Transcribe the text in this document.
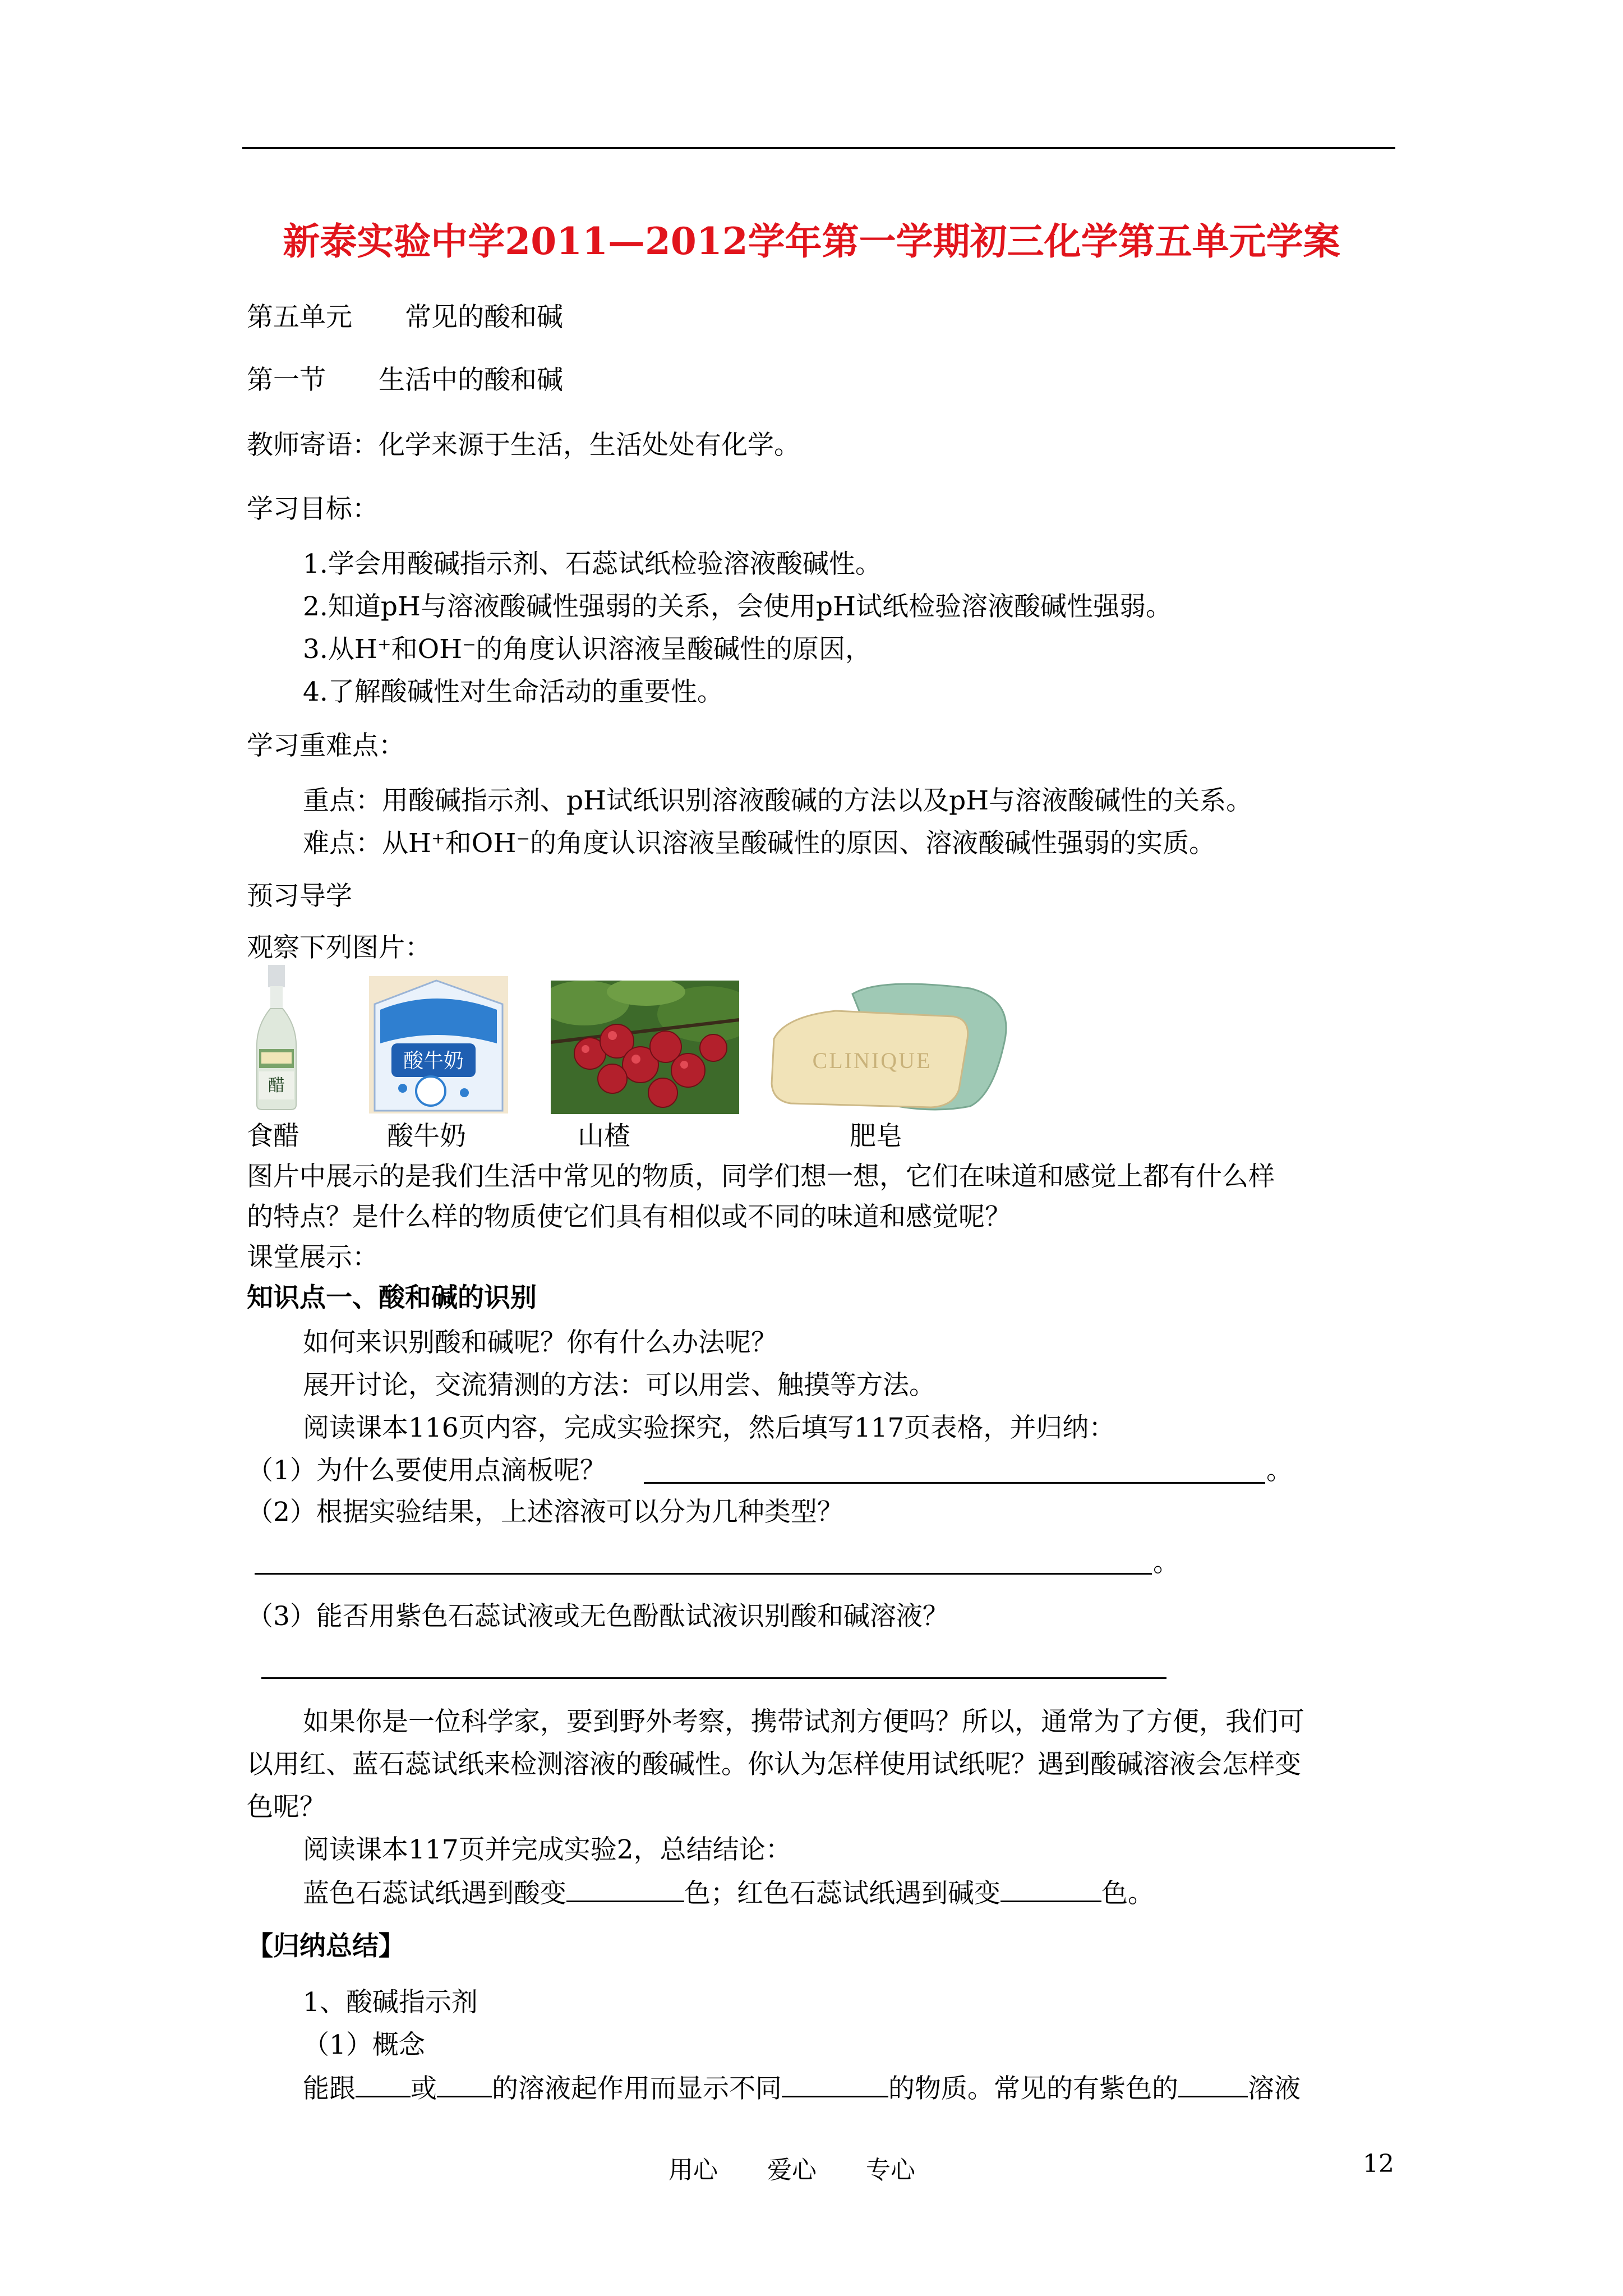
新泰实验中学2011—2012学年第一学期初三化学第五单元学案
第五单元　　常见的酸和碱
第一节　　生活中的酸和碱
教师寄语：化学来源于生活，生活处处有化学。
学习目标：
1.学会用酸碱指示剂、石蕊试纸检验溶液酸碱性。
2.知道pH与溶液酸碱性强弱的关系，会使用pH试纸检验溶液酸碱性强弱。
3.从H⁺和OH⁻的角度认识溶液呈酸碱性的原因，
4.了解酸碱性对生命活动的重要性。
学习重难点：
重点：用酸碱指示剂、pH试纸识别溶液酸碱的方法以及pH与溶液酸碱性的关系。
难点：从H⁺和OH⁻的角度认识溶液呈酸碱性的原因、溶液酸碱性强弱的实质。
预习导学
观察下列图片：
醋
酸牛奶	CLINIQUE
食醋	酸牛奶	山楂	肥皂
图片中展示的是我们生活中常见的物质，同学们想一想，它们在味道和感觉上都有什么样
的特点？是什么样的物质使它们具有相似或不同的味道和感觉呢？
课堂展示：
知识点一、酸和碱的识别
如何来识别酸和碱呢？你有什么办法呢？
展开讨论，交流猜测的方法：可以用尝、触摸等方法。
阅读课本116页内容，完成实验探究，然后填写117页表格，并归纳：
（1）为什么要使用点滴板呢？	。
（2）根据实验结果，上述溶液可以分为几种类型？
。
（3）能否用紫色石蕊试液或无色酚酞试液识别酸和碱溶液？
如果你是一位科学家，要到野外考察，携带试剂方便吗？所以，通常为了方便，我们可
以用红、蓝石蕊试纸来检测溶液的酸碱性。你认为怎样使用试纸呢？遇到酸碱溶液会怎样变
色呢？
阅读课本117页并完成实验2，总结结论：
蓝色石蕊试纸遇到酸变	色；红色石蕊试纸遇到碱变	色。
【归纳总结】
1、酸碱指示剂
（1）概念
能跟 或 的溶液起作用而显示不同	的物质。常见的有紫色的	溶液
用心　　爱心　　专心	12
